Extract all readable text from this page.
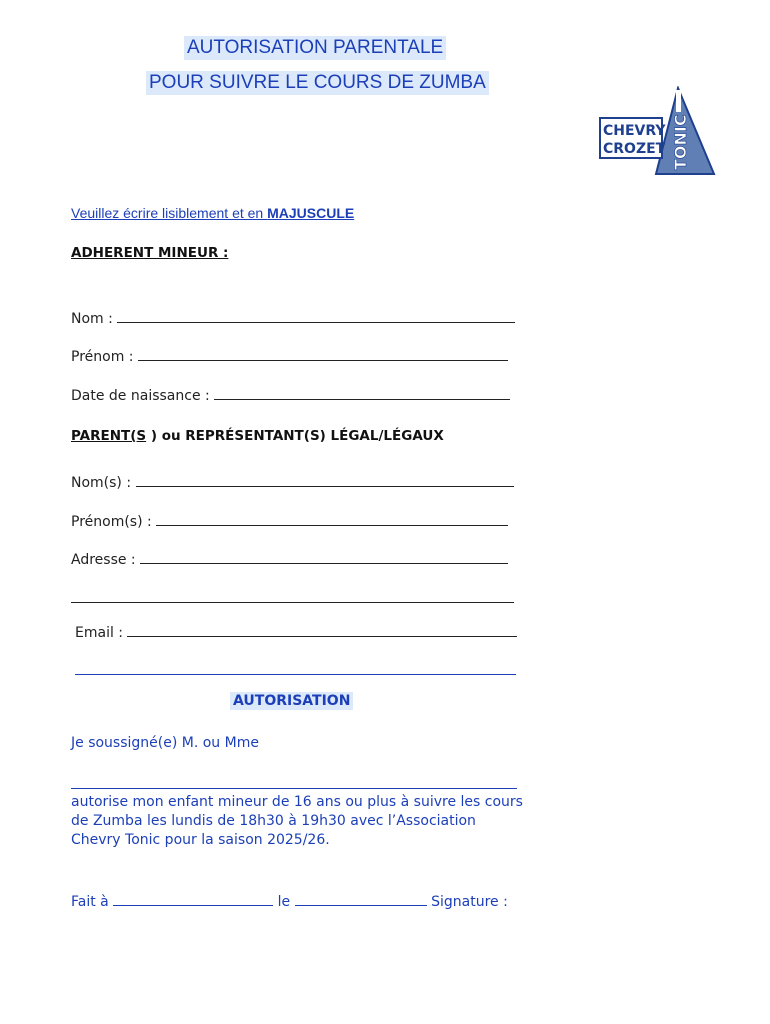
AUTORISATION PARENTALE
POUR SUIVRE LE COURS DE ZUMBA
CHEVRY
CROZET TONIC
Veuillez écrire lisiblement et en MAJUSCULE
ADHERENT MINEUR :
Nom :
Prénom :
Date de naissance :
PARENT(S ) ou REPRÉSENTANT(S) LÉGAL/LÉGAUX
Nom(s) :
Prénom(s) :
Adresse :
Email :
AUTORISATION
Je soussigné(e) M. ou Mme
autorise mon enfant mineur de 16 ans ou plus à suivre les cours de Zumba les lundis de 18h30 à 19h30 avec l’Association Chevry Tonic pour la saison 2025/26.
Fait à	le	Signature :
